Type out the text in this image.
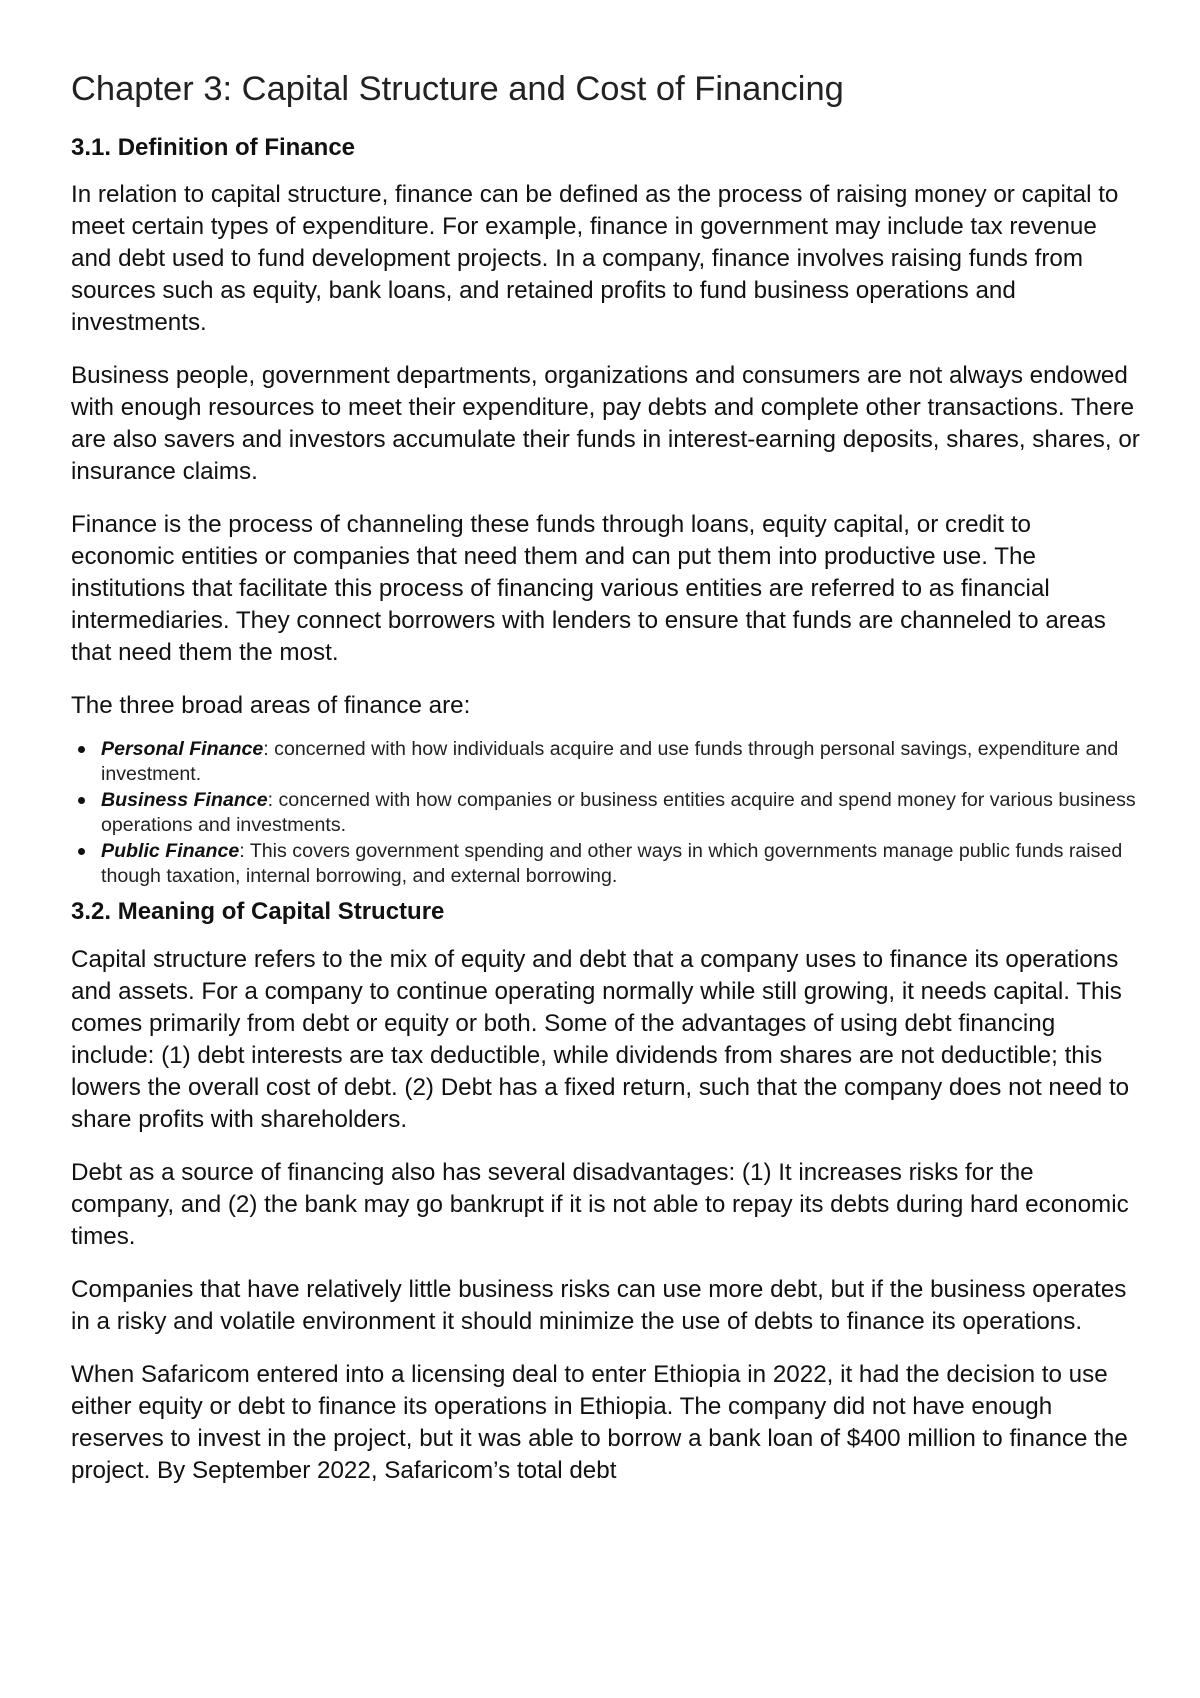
Chapter 3: Capital Structure and Cost of Financing
3.1. Definition of Finance

In relation to capital structure, finance can be defined as the process of raising money or capital to meet certain types of expenditure. For example, finance in government may include tax revenue and debt used to fund development projects. In a company, finance involves raising funds from sources such as equity, bank loans, and retained profits to fund business operations and investments.

Business people, government departments, organizations and consumers are not always endowed with enough resources to meet their expenditure, pay debts and complete other transactions. There are also savers and investors accumulate their funds in interest-earning deposits, shares, shares, or insurance claims.

Finance is the process of channeling these funds through loans, equity capital, or credit to economic entities or companies that need them and can put them into productive use. The institutions that facilitate this process of financing various entities are referred to as financial intermediaries. They connect borrowers with lenders to ensure that funds are channeled to areas that need them the most.

The three broad areas of finance are:

Personal Finance: concerned with how individuals acquire and use funds through personal savings, expenditure and investment.
Business Finance: concerned with how companies or business entities acquire and spend money for various business operations and investments.
Public Finance: This covers government spending and other ways in which governments manage public funds raised though taxation, internal borrowing, and external borrowing.
3.2. Meaning of Capital Structure

Capital structure refers to the mix of equity and debt that a company uses to finance its operations and assets. For a company to continue operating normally while still growing, it needs capital. This comes primarily from debt or equity or both. Some of the advantages of using debt financing include: (1) debt interests are tax deductible, while dividends from shares are not deductible; this lowers the overall cost of debt. (2) Debt has a fixed return, such that the company does not need to share profits with shareholders.

Debt as a source of financing also has several disadvantages: (1) It increases risks for the company, and (2) the bank may go bankrupt if it is not able to repay its debts during hard economic times.

Companies that have relatively little business risks can use more debt, but if the business operates in a risky and volatile environment it should minimize the use of debts to finance its operations.

When Safaricom entered into a licensing deal to enter Ethiopia in 2022, it had the decision to use either equity or debt to finance its operations in Ethiopia. The company did not have enough reserves to invest in the project, but it was able to borrow a bank loan of $400 million to finance the project. By September 2022, Safaricom’s total debt
